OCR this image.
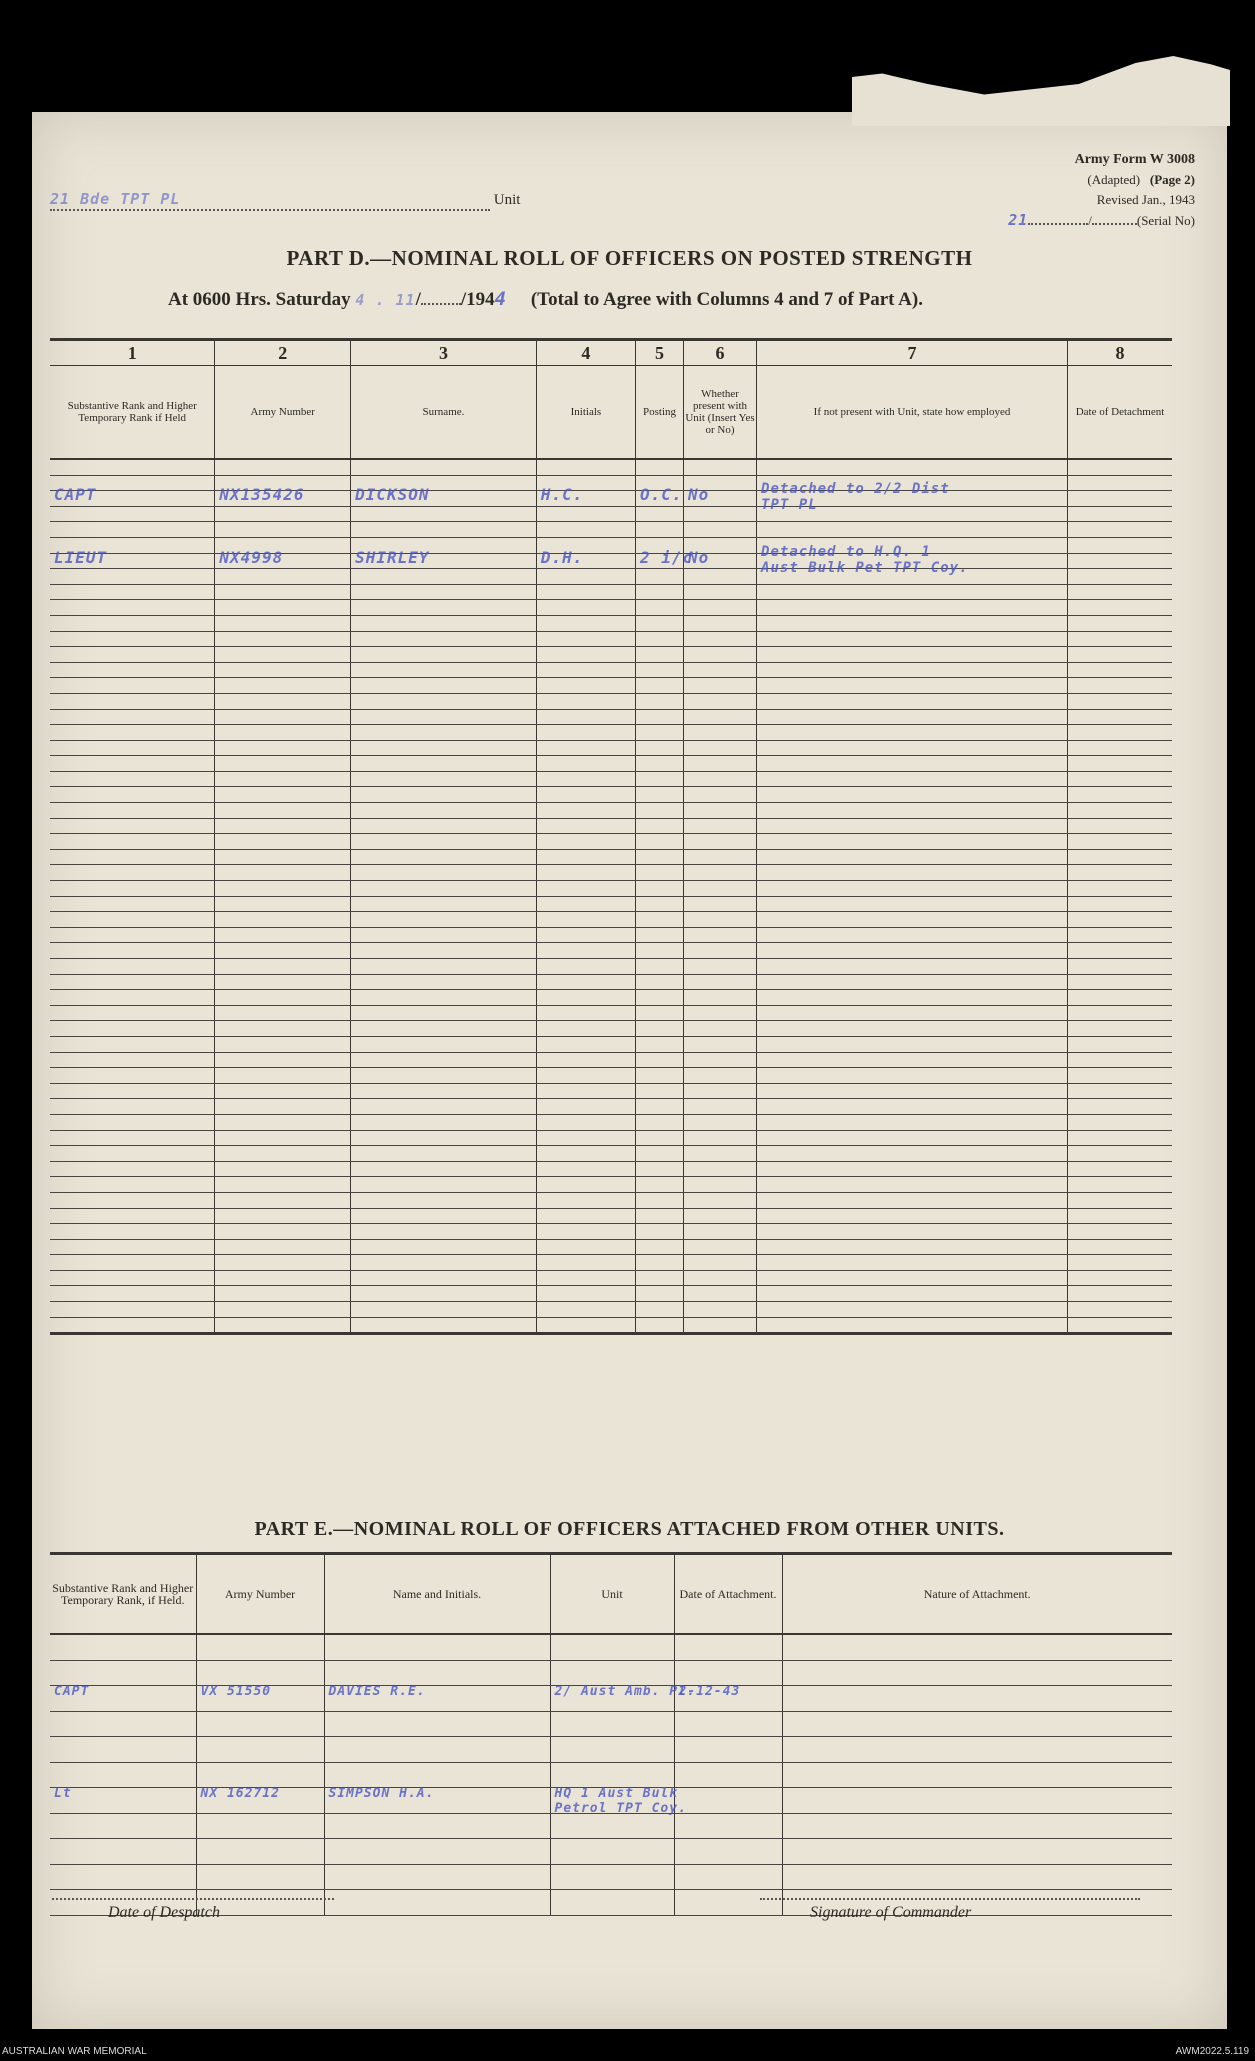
21 Bde TPT PL	Unit
Army Form W 3008
(Adapted) (Page 2)
Revised Jan., 1943
21	/	(Serial No)
PART D.—NOMINAL ROLL OF OFFICERS ON POSTED STRENGTH
At 0600 Hrs. Saturday 4 . 11/ /1944 (Total to Agree with Columns 4 and 7 of Part A).
1	2	3	4	5	6	7	8
Substantive Rank and Higher Temporary Rank if Held	Army Number	Surname.	Initials	Posting	Whether present with Unit (Insert Yes or No)	If not present with Unit, state how employed	Date of Detachment

CAPT	NX135426	DICKSON	H.C.	O.C.	No	Detached to 2/2 Dist TPT PL	

LIEUT	NX4998	SHIRLEY	D.H.	2 i/c	No	Detached to H.Q. 1 Aust Bulk Pet TPT Coy.	

PART E.—NOMINAL ROLL OF OFFICERS ATTACHED FROM OTHER UNITS.
Substantive Rank and Higher Temporary Rank, if Held.	Army Number	Name and Initials.	Unit	Date of Attachment.	Nature of Attachment.

CAPT	VX 51550	DAVIES R.E.	2/ Aust Amb. Pl.	2-12-43	

Lt	NX 162712	SIMPSON H.A.	HQ 1 Aust Bulk Petrol TPT Coy.		

Date of Despatch	Signature of Commander
AUSTRALIAN WAR MEMORIAL	AWM2022.5.119
